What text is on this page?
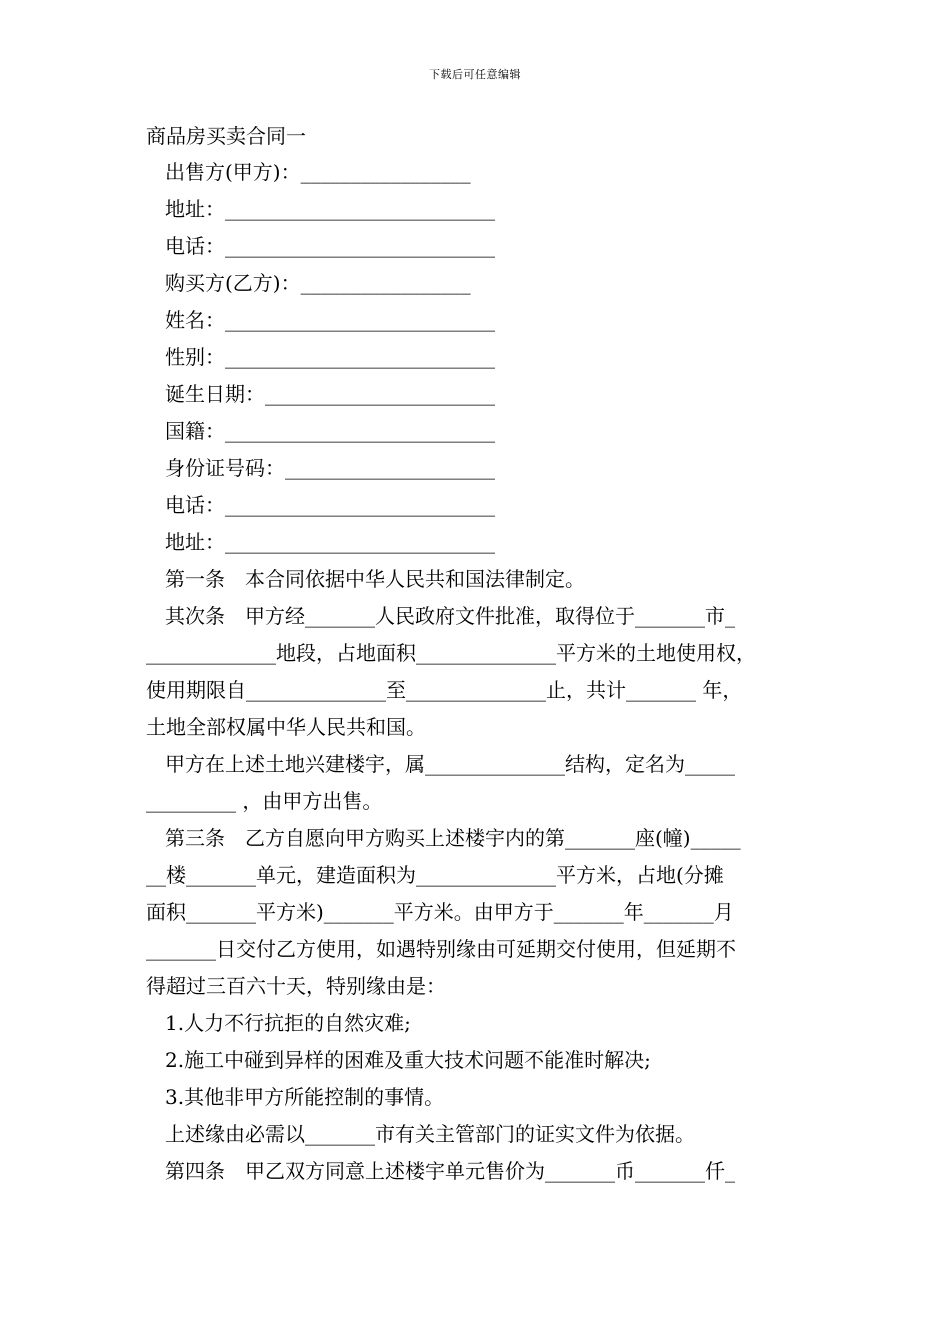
下载后可任意编辑
商品房买卖合同一
出售方(甲方)：_________________
地址：___________________________
电话：___________________________
购买方(乙方)：_________________
姓名：___________________________
性别：___________________________
诞生日期：_______________________
国籍：___________________________
身份证号码：_____________________
电话：___________________________
地址：___________________________
第一条　本合同依据中华人民共和国法律制定。
其次条　甲方经_______人民政府文件批准，取得位于_______市_
_____________地段，占地面积______________平方米的土地使用权，
使用期限自______________至______________止，共计_______ 年，
土地全部权属中华人民共和国。
甲方在上述土地兴建楼宇，属______________结构，定名为_____
_________ ，由甲方出售。
第三条　乙方自愿向甲方购买上述楼宇内的第_______座(幢)_____
__楼_______单元，建造面积为______________平方米，占地(分摊
面积_______平方米)_______平方米。由甲方于_______年_______月
_______日交付乙方使用，如遇特别缘由可延期交付使用，但延期不
得超过三百六十天，特别缘由是：
1.人力不行抗拒的自然灾难;
2.施工中碰到异样的困难及重大技术问题不能准时解决;
3.其他非甲方所能控制的事情。
上述缘由必需以_______市有关主管部门的证实文件为依据。
第四条　甲乙双方同意上述楼宇单元售价为_______币_______仟_
